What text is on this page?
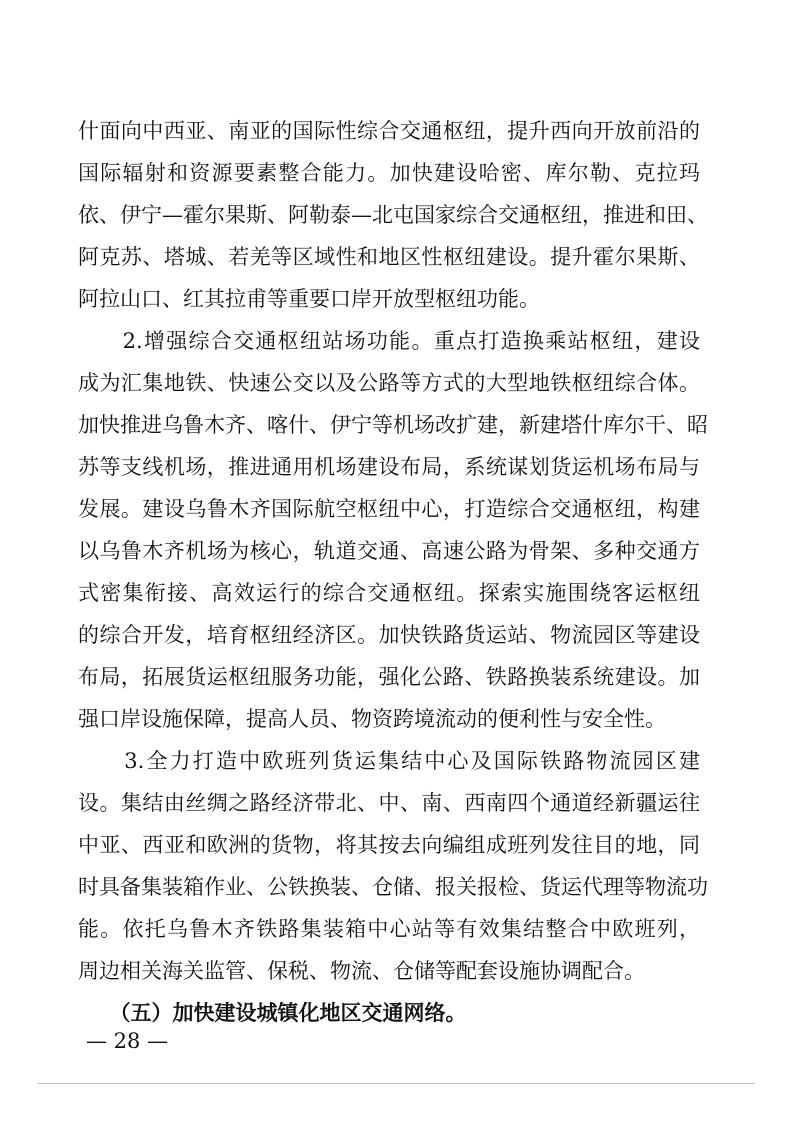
什面向中西亚、南亚的国际性综合交通枢纽，提升西向开放前沿的
国际辐射和资源要素整合能力。加快建设哈密、库尔勒、克拉玛
依、伊宁—霍尔果斯、阿勒泰—北屯国家综合交通枢纽，推进和田、
阿克苏、塔城、若羌等区域性和地区性枢纽建设。提升霍尔果斯、
阿拉山口、红其拉甫等重要口岸开放型枢纽功能。
　　2.增强综合交通枢纽站场功能。重点打造换乘站枢纽，建设
成为汇集地铁、快速公交以及公路等方式的大型地铁枢纽综合体。
加快推进乌鲁木齐、喀什、伊宁等机场改扩建，新建塔什库尔干、昭
苏等支线机场，推进通用机场建设布局，系统谋划货运机场布局与
发展。建设乌鲁木齐国际航空枢纽中心，打造综合交通枢纽，构建
以乌鲁木齐机场为核心，轨道交通、高速公路为骨架、多种交通方
式密集衔接、高效运行的综合交通枢纽。探索实施围绕客运枢纽
的综合开发，培育枢纽经济区。加快铁路货运站、物流园区等建设
布局，拓展货运枢纽服务功能，强化公路、铁路换装系统建设。加
强口岸设施保障，提高人员、物资跨境流动的便利性与安全性。
　　3.全力打造中欧班列货运集结中心及国际铁路物流园区建
设。集结由丝绸之路经济带北、中、南、西南四个通道经新疆运往
中亚、西亚和欧洲的货物，将其按去向编组成班列发往目的地，同
时具备集装箱作业、公铁换装、仓储、报关报检、货运代理等物流功
能。依托乌鲁木齐铁路集装箱中心站等有效集结整合中欧班列，
周边相关海关监管、保税、物流、仓储等配套设施协调配合。
　　（五）加快建设城镇化地区交通网络。
— 28 —
